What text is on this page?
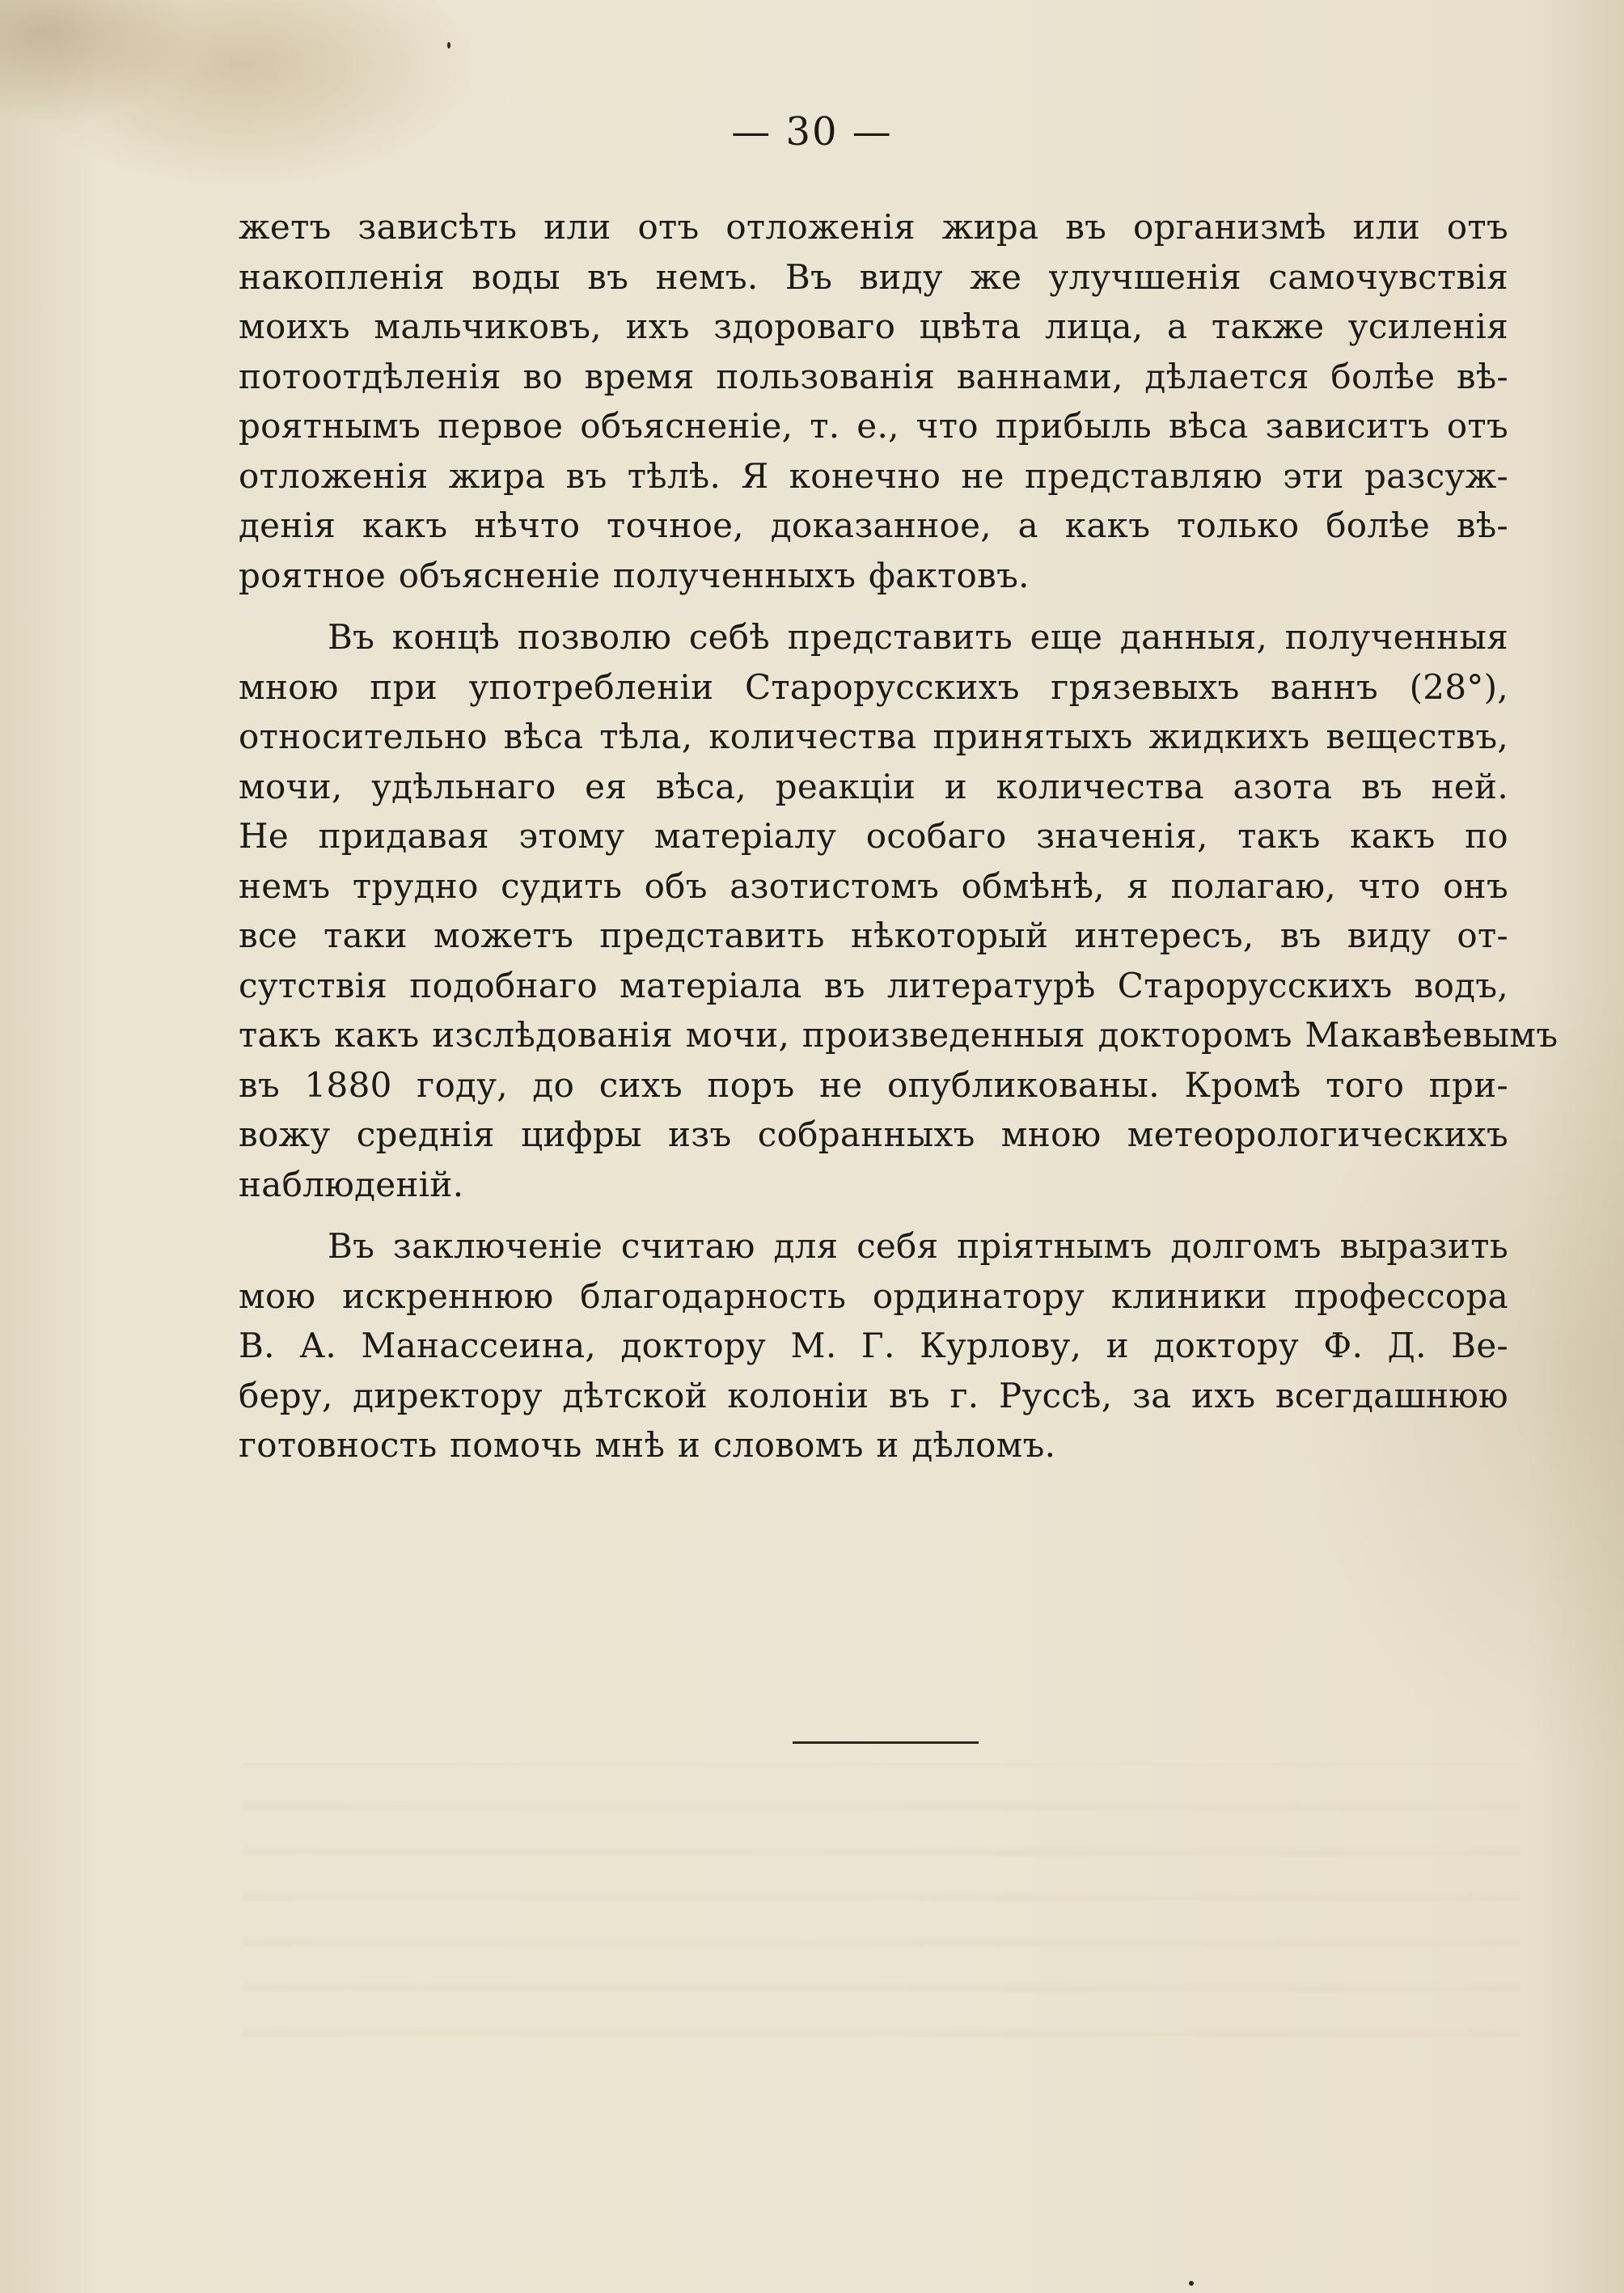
— 30 —
жетъ зависѣть или отъ отложенія жира въ организмѣ или отъ
накопленія воды въ немъ. Въ виду же улучшенія самочувствія
моихъ мальчиковъ, ихъ здороваго цвѣта лица, а также усиленія
потоотдѣленія во время пользованія ваннами, дѣлается болѣе вѣ-
роятнымъ первое объясненіе, т. е., что прибыль вѣса зависитъ отъ
отложенія жира въ тѣлѣ. Я конечно не представляю эти разсуж-
денія какъ нѣчто точное, доказанное, а какъ только болѣе вѣ-
роятное объясненіе полученныхъ фактовъ.
Въ концѣ позволю себѣ представить еще данныя, полученныя
мною при употребленіи Старорусскихъ грязевыхъ ваннъ (28°),
относительно вѣса тѣла, количества принятыхъ жидкихъ веществъ,
мочи, удѣльнаго ея вѣса, реакціи и количества азота въ ней.
Не придавая этому матеріалу особаго значенія, такъ какъ по
немъ трудно судить объ азотистомъ обмѣнѣ, я полагаю, что онъ
все таки можетъ представить нѣкоторый интересъ, въ виду от-
сутствія подобнаго матеріала въ литературѣ Старорусскихъ водъ,
такъ какъ изслѣдованія мочи, произведенныя докторомъ Макавѣевымъ
въ 1880 году, до сихъ поръ не опубликованы. Кромѣ того при-
вожу среднія цифры изъ собранныхъ мною метеорологическихъ
наблюденій.
Въ заключеніе считаю для себя пріятнымъ долгомъ выразить
мою искреннюю благодарность ординатору клиники профессора
В. А. Манассеина, доктору М. Г. Курлову, и доктору Ф. Д. Ве-
беру, директору дѣтской колоніи въ г. Руссѣ, за ихъ всегдашнюю
готовность помочь мнѣ и словомъ и дѣломъ.
